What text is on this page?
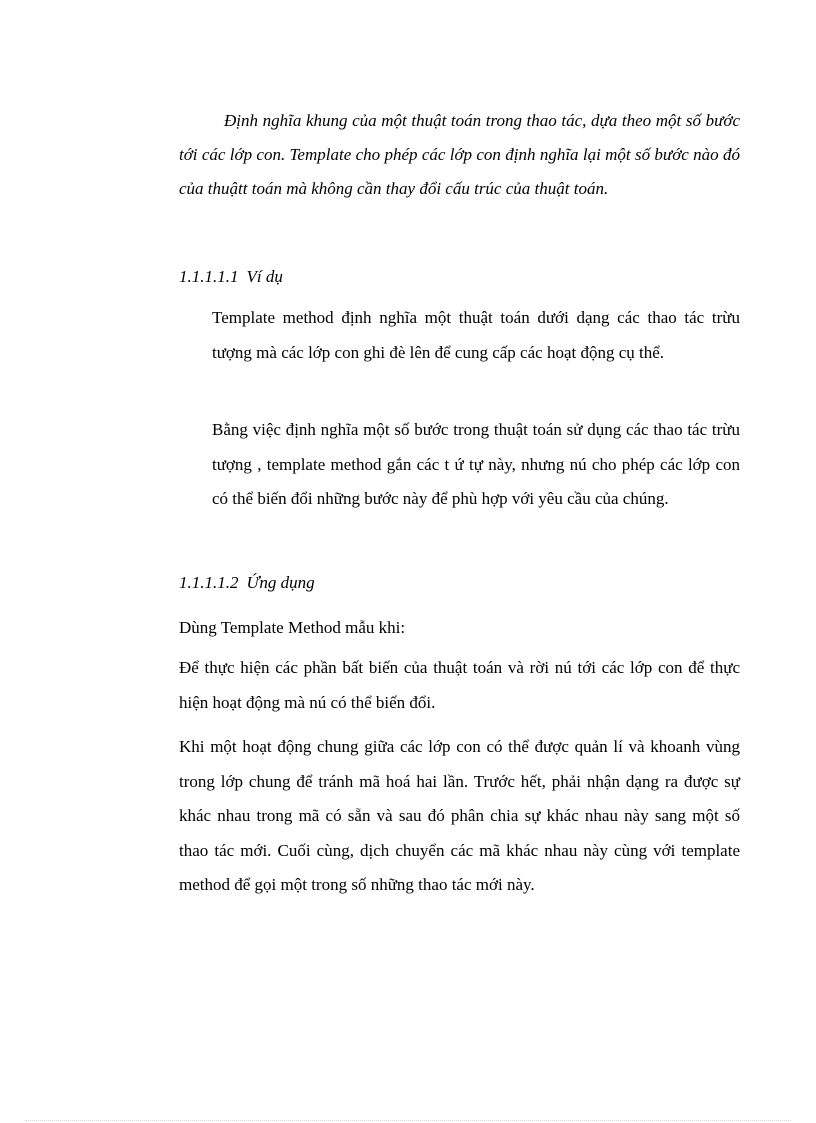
Định nghĩa khung của một thuật toán trong thao tác, dựa theo một số bước tới các lớp con. Template cho phép các lớp con định nghĩa lại một số bước nào đó của thuậtt toán mà không cần thay đổi cấu trúc của thuật toán.

1.1.1.1.1 Ví dụ

Template method định nghĩa một thuật toán dưới dạng các thao tác trừu tượng mà các lớp con ghi đè lên để cung cấp các hoạt động cụ thể.

Bằng việc định nghĩa một số bước trong thuật toán sử dụng các thao tác trừu tượng , template method gắn các t ứ tự này, nhưng nú cho phép các lớp con có thể biến đổi những bước này để phù hợp với yêu cầu của chúng.

1.1.1.1.2 Ứng dụng

Dùng Template Method mẫu khi:

Để thực hiện các phần bất biến của thuật toán và rời nú tới các lớp con để thực hiện hoạt động mà nú có thể biến đổi.

Khi một hoạt động chung giữa các lớp con có thể được quản lí và khoanh vùng trong lớp chung để tránh mã hoá hai lần. Trước hết, phải nhận dạng ra được sự khác nhau trong mã có sẵn và sau đó phân chia sự khác nhau này sang một số thao tác mới. Cuối cùng, dịch chuyển các mã khác nhau này cùng với template method để gọi một trong số những thao tác mới này.
